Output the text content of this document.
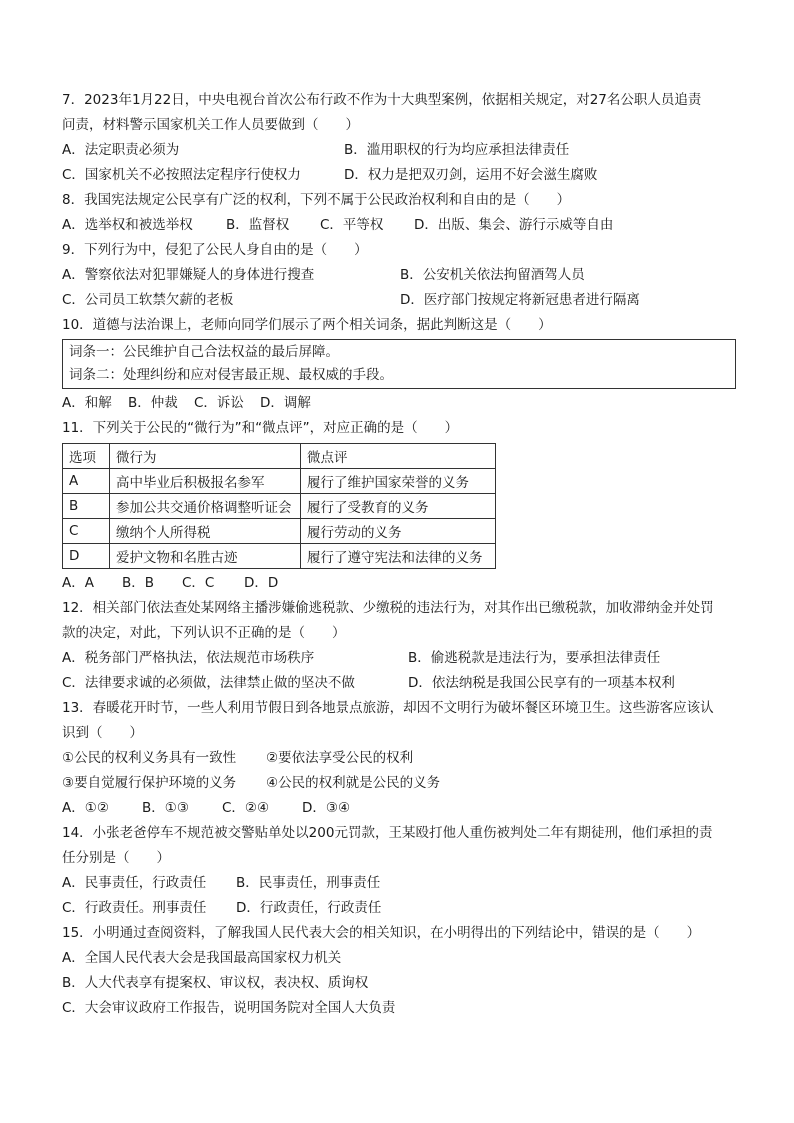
7．2023年1月22日，中央电视台首次公布行政不作为十大典型案例，依据相关规定，对27名公职人员追责
问责，材料警示国家机关工作人员要做到（　　）
A．法定职责必须为	B．滥用职权的行为均应承担法律责任
C．国家机关不必按照法定程序行使权力	D．权力是把双刃剑，运用不好会滋生腐败
8．我国宪法规定公民享有广泛的权利，下列不属于公民政治权利和自由的是（　　）
A．选举权和被选举权	B．监督权	C．平等权	D．出版、集会、游行示威等自由
9．下列行为中，侵犯了公民人身自由的是（　　）
A．警察依法对犯罪嫌疑人的身体进行搜查	B．公安机关依法拘留酒驾人员
C．公司员工软禁欠薪的老板	D．医疗部门按规定将新冠患者进行隔离
10．道德与法治课上，老师向同学们展示了两个相关词条，据此判断这是（　　）
词条一：公民维护自己合法权益的最后屏障。
词条二：处理纠纷和应对侵害最正规、最权威的手段。
A．和解	B．仲裁	C．诉讼	D．调解
11．下列关于公民的“微行为”和“微点评”，对应正确的是（　　）
选项	微行为	微点评
A	高中毕业后积极报名参军	履行了维护国家荣誉的义务
B	参加公共交通价格调整听证会	履行了受教育的义务
C	缴纳个人所得税	履行劳动的义务
D	爱护文物和名胜古迹	履行了遵守宪法和法律的义务
A．A	B．B	C．C	D．D
12．相关部门依法查处某网络主播涉嫌偷逃税款、少缴税的违法行为，对其作出已缴税款，加收滞纳金并处罚
款的决定，对此，下列认识不正确的是（　　）
A．税务部门严格执法，依法规范市场秩序	B．偷逃税款是违法行为，要承担法律责任
C．法律要求诚的必须做，法律禁止做的坚决不做	D．依法纳税是我国公民享有的一项基本权利
13．春暖花开时节，一些人利用节假日到各地景点旅游，却因不文明行为破坏餐区环境卫生。这些游客应该认
识到（　　）
①公民的权利义务具有一致性	②要依法享受公民的权利
③要自觉履行保护环境的义务	④公民的权利就是公民的义务
A．①②	B．①③	C．②④	D．③④
14．小张老爸停车不规范被交警贴单处以200元罚款，王某殴打他人重伤被判处二年有期徒刑，他们承担的责
任分别是（　　）
A．民事责任，行政责任	B．民事责任，刑事责任
C．行政责任。刑事责任	D．行政责任，行政责任
15．小明通过查阅资料，了解我国人民代表大会的相关知识，在小明得出的下列结论中，错误的是（　　）
A．全国人民代表大会是我国最高国家权力机关
B．人大代表享有提案权、审议权，表决权、质询权
C．大会审议政府工作报告，说明国务院对全国人大负责
